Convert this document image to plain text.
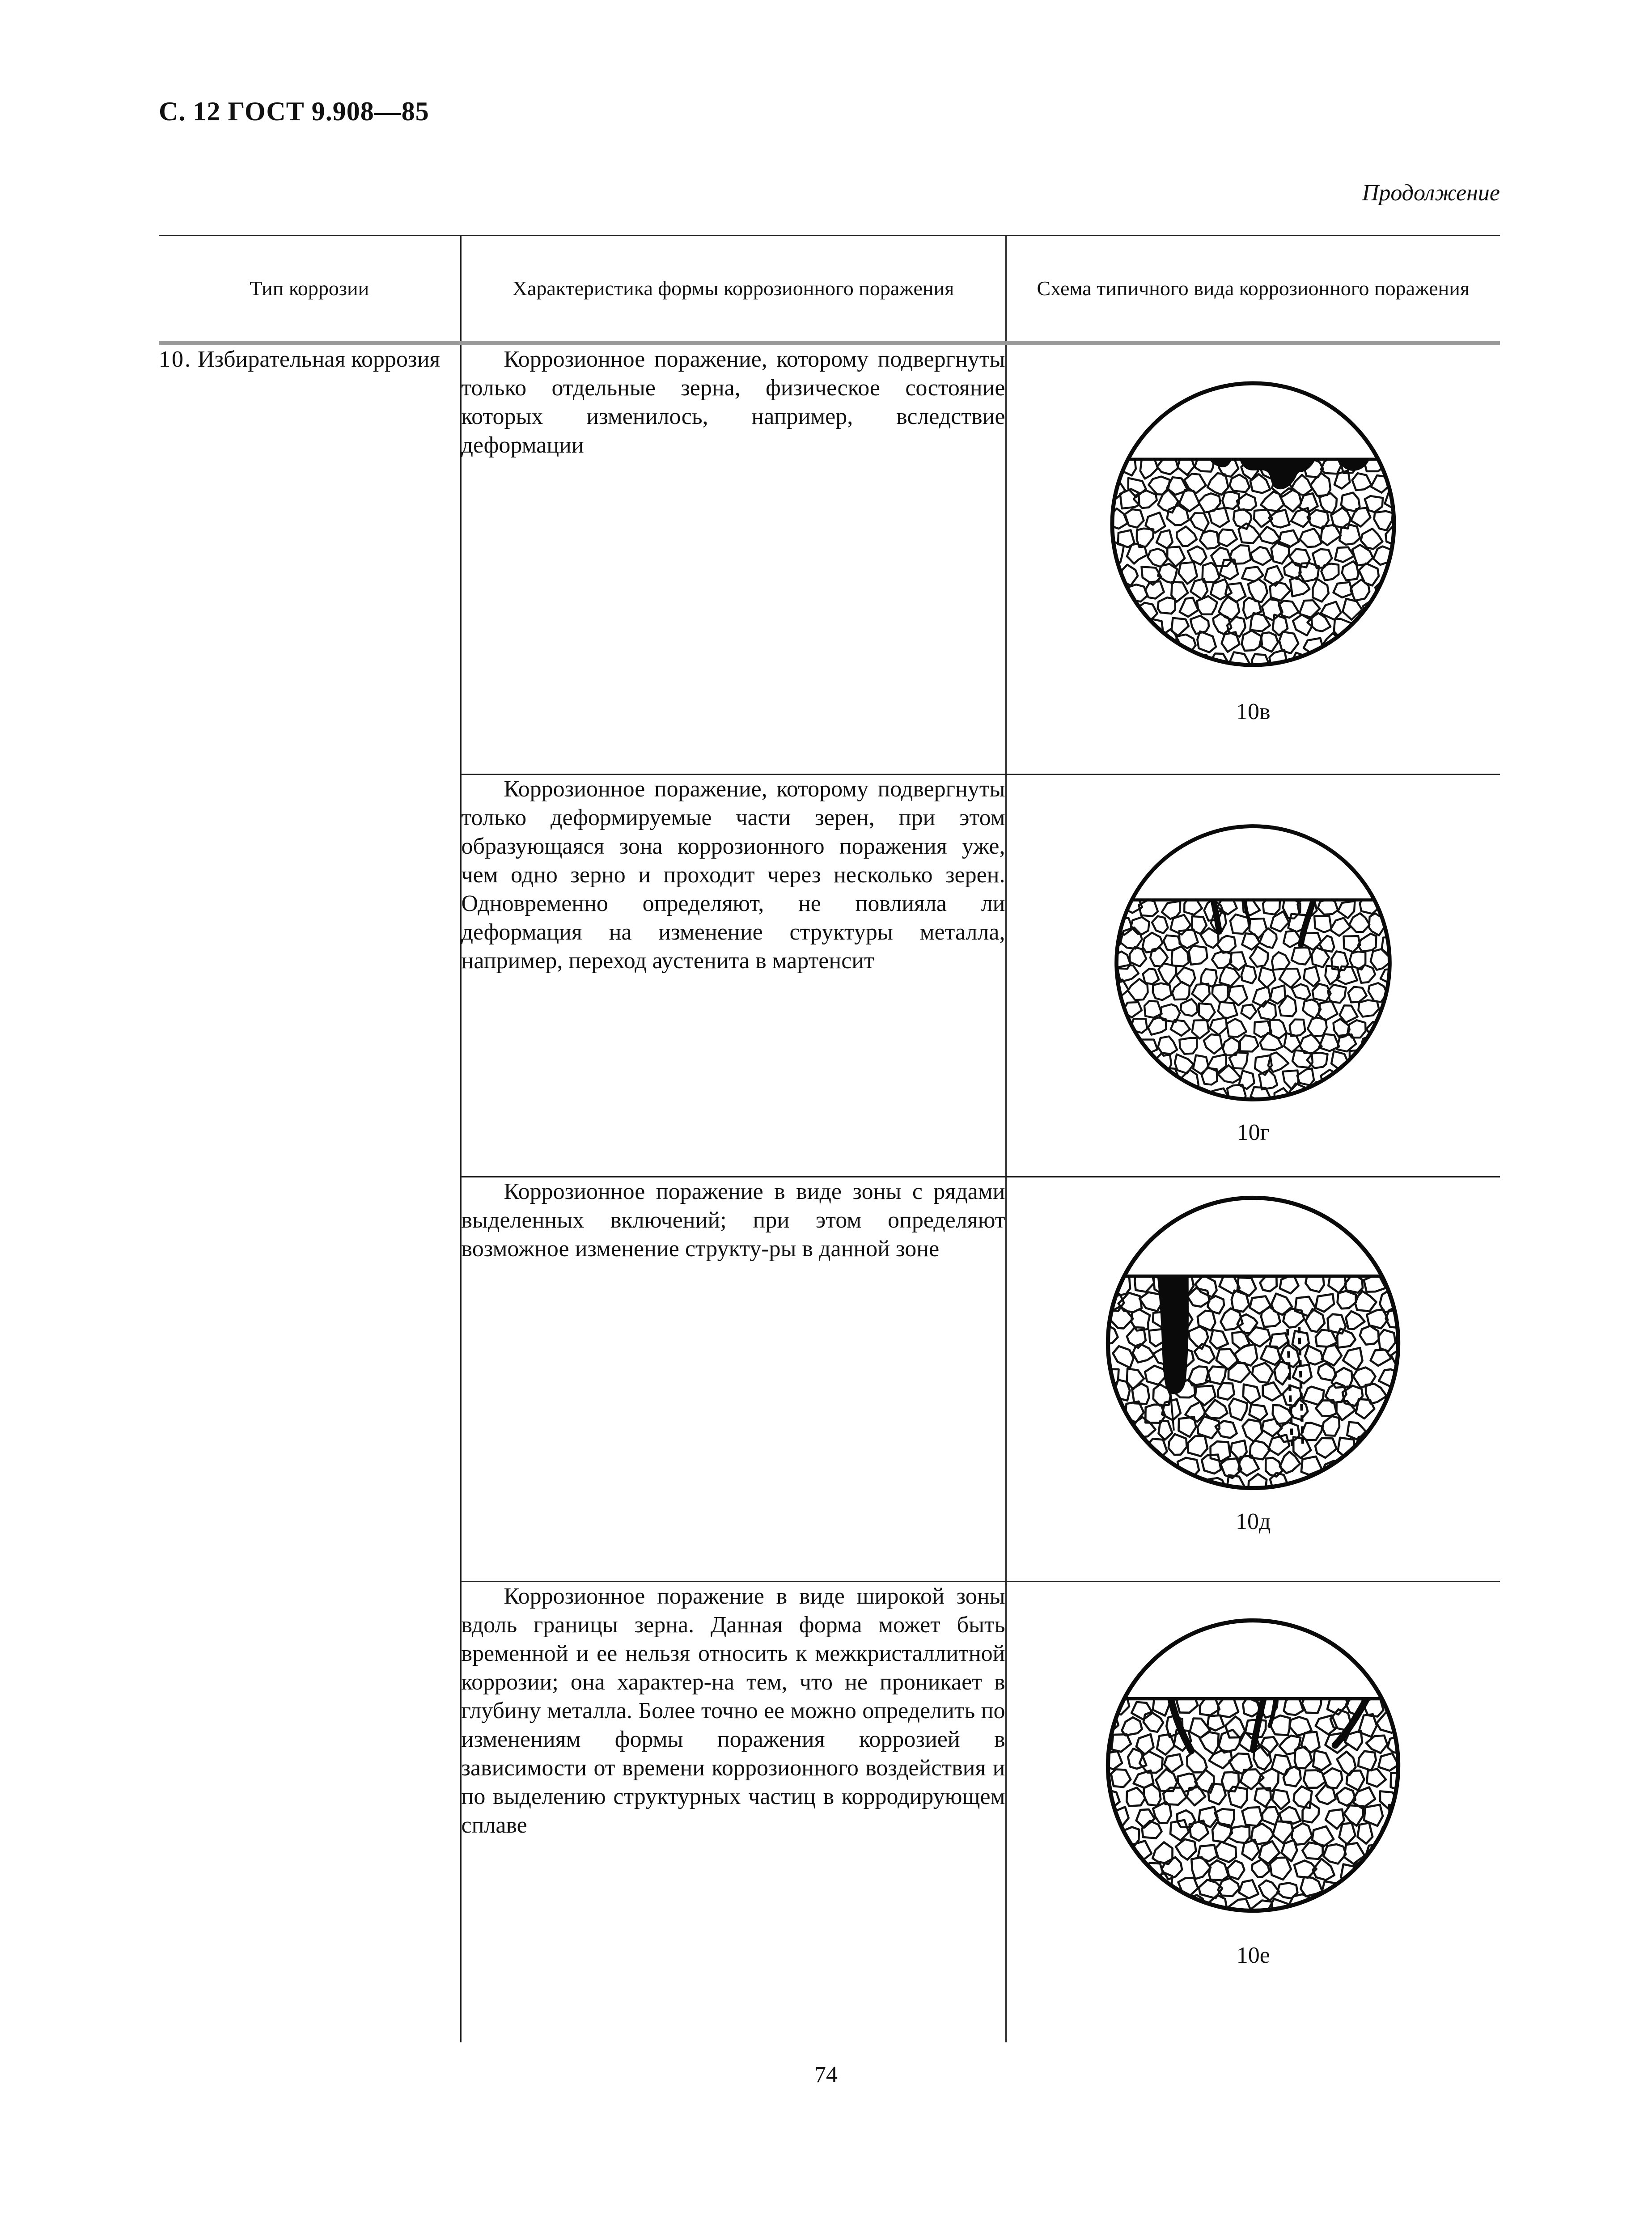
С. 12 ГОСТ 9.908—85
Продолжение
Тип коррозии	Характеристика формы коррозионного поражения	Схема типичного вида коррозионного поражения
10. Избирательная коррозия	Коррозионное поражение, которому подвергнуты только отдельные зерна, физическое состояние которых изменилось, например, вследствие деформации	10в

	Коррозионное поражение, которому подвергнуты только деформируемые части зерен, при этом образующаяся зона коррозионного поражения уже, чем одно зерно и проходит через несколько зерен. Одновременно определяют, не повлияла ли деформация на изменение структуры металла, например, переход аустенита в мартенсит	10г

	Коррозионное поражение в виде зоны с рядами выделенных включений; при этом определяют возможное изменение структу-ры в данной зоне	10д

	Коррозионное поражение в виде широкой зоны вдоль границы зерна. Данная форма может быть временной и ее нельзя относить к межкристаллитной коррозии; она характер-на тем, что не проникает в глубину металла. Более точно ее можно определить по изменениям формы поражения коррозией в зависимости от времени коррозионного воздействия и по выделению структурных частиц в корродирующем сплаве	10е
74
